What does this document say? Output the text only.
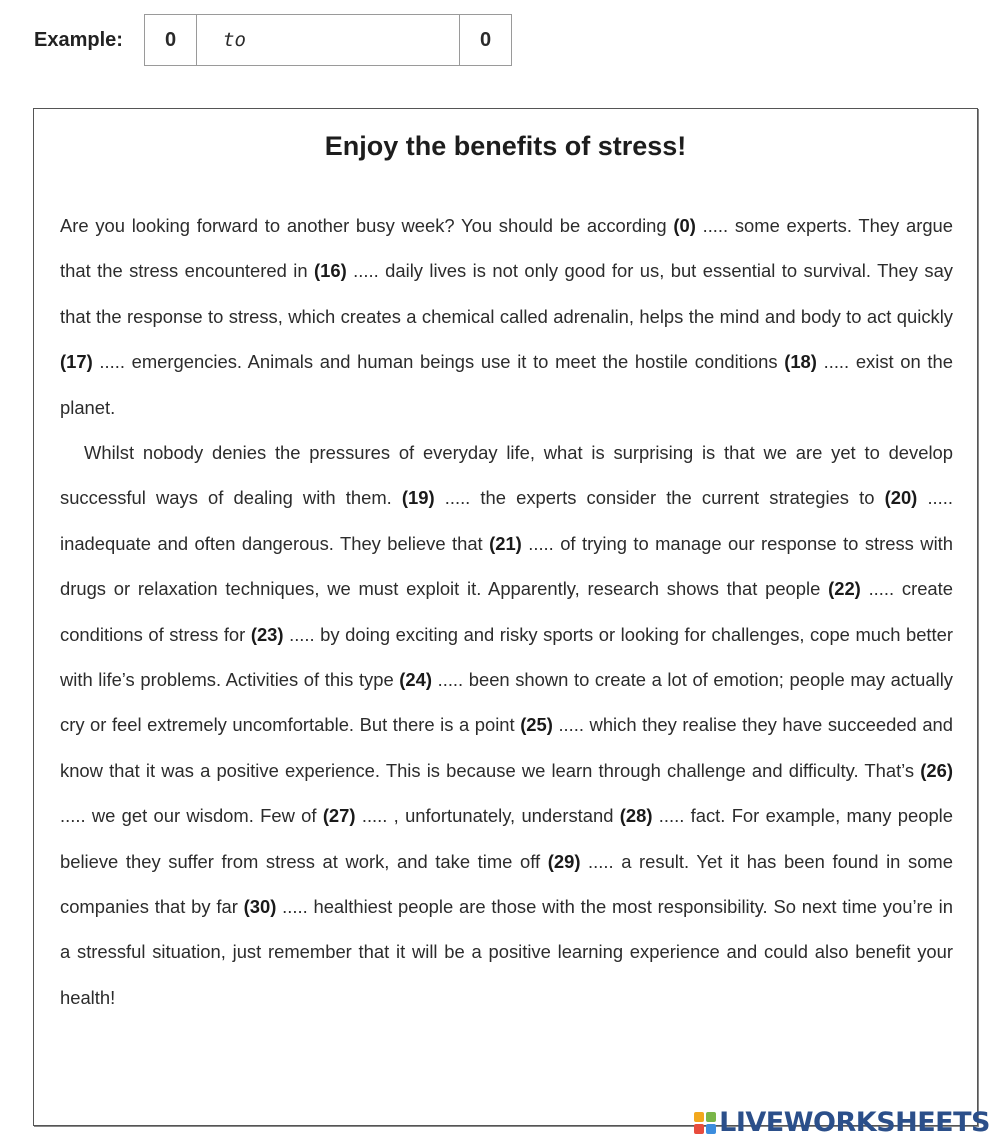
Example:	0	to	0
Enjoy the benefits of stress!

Are you looking forward to another busy week? You should be according (0) ..... some experts. They argue that the stress encountered in (16) ..... daily lives is not only good for us, but essential to survival. They say that the response to stress, which creates a chemical called adrenalin, helps the mind and body to act quickly (17) ..... emergencies. Animals and human beings use it to meet the hostile conditions (18) ..... exist on the planet.

Whilst nobody denies the pressures of everyday life, what is surprising is that we are yet to develop successful ways of dealing with them. (19) ..... the experts consider the current strategies to (20) ..... inadequate and often dangerous. They believe that (21) ..... of trying to manage our response to stress with drugs or relaxation techniques, we must exploit it. Apparently, research shows that people (22) ..... create conditions of stress for (23) ..... by doing exciting and risky sports or looking for challenges, cope much better with life’s problems. Activities of this type (24) ..... been shown to create a lot of emotion; people may actually cry or feel extremely uncomfortable. But there is a point (25) ..... which they realise they have succeeded and know that it was a positive experience. This is because we learn through challenge and difficulty. That’s (26) ..... we get our wisdom. Few of (27) ..... , unfortunately, understand (28) ..... fact. For example, many people believe they suffer from stress at work, and take time off (29) ..... a result. Yet it has been found in some companies that by far (30) ..... healthiest people are those with the most responsibility. So next time you’re in a stressful situation, just remember that it will be a positive learning experience and could also benefit your health!

LIVEWORKSHEETS
